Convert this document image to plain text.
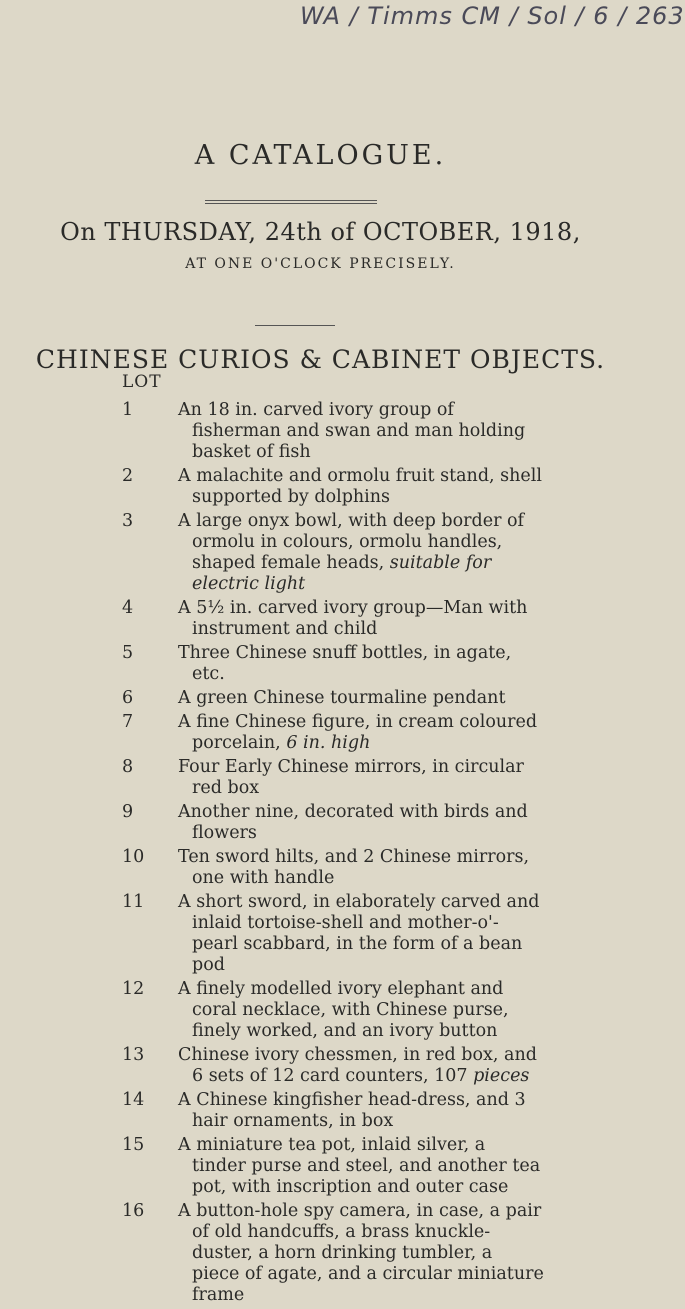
WA / Timms CM / Sol / 6 / 263
A CATALOGUE.
On THURSDAY, 24th of OCTOBER, 1918,
AT ONE O'CLOCK PRECISELY.
CHINESE CURIOS & CABINET OBJECTS.
LOT
1	An 18 in. carved ivory group of fisherman and swan and man holding basket of fish
2	A malachite and ormolu fruit stand, shell supported by dolphins
3	A large onyx bowl, with deep border of ormolu in colours, ormolu handles, shaped female heads, suitable for electric light
4	A 5½ in. carved ivory group—Man with instrument and child
5	Three Chinese snuff bottles, in agate, etc.
6	A green Chinese tourmaline pendant
7	A fine Chinese figure, in cream coloured porcelain, 6 in. high
8	Four Early Chinese mirrors, in circular red box
9	Another nine, decorated with birds and flowers
10	Ten sword hilts, and 2 Chinese mirrors, one with handle
11	A short sword, in elaborately carved and inlaid tortoise-shell and mother-o'-pearl scabbard, in the form of a bean pod
12	A finely modelled ivory elephant and coral necklace, with Chinese purse, finely worked, and an ivory button
13	Chinese ivory chessmen, in red box, and 6 sets of 12 card counters, 107 pieces
14	A Chinese kingfisher head-dress, and 3 hair ornaments, in box
15	A miniature tea pot, inlaid silver, a tinder purse and steel, and another tea pot, with inscription and outer case
16	A button-hole spy camera, in case, a pair of old handcuffs, a brass knuckle-duster, a horn drinking tumbler, a piece of agate, and a circular miniature frame
